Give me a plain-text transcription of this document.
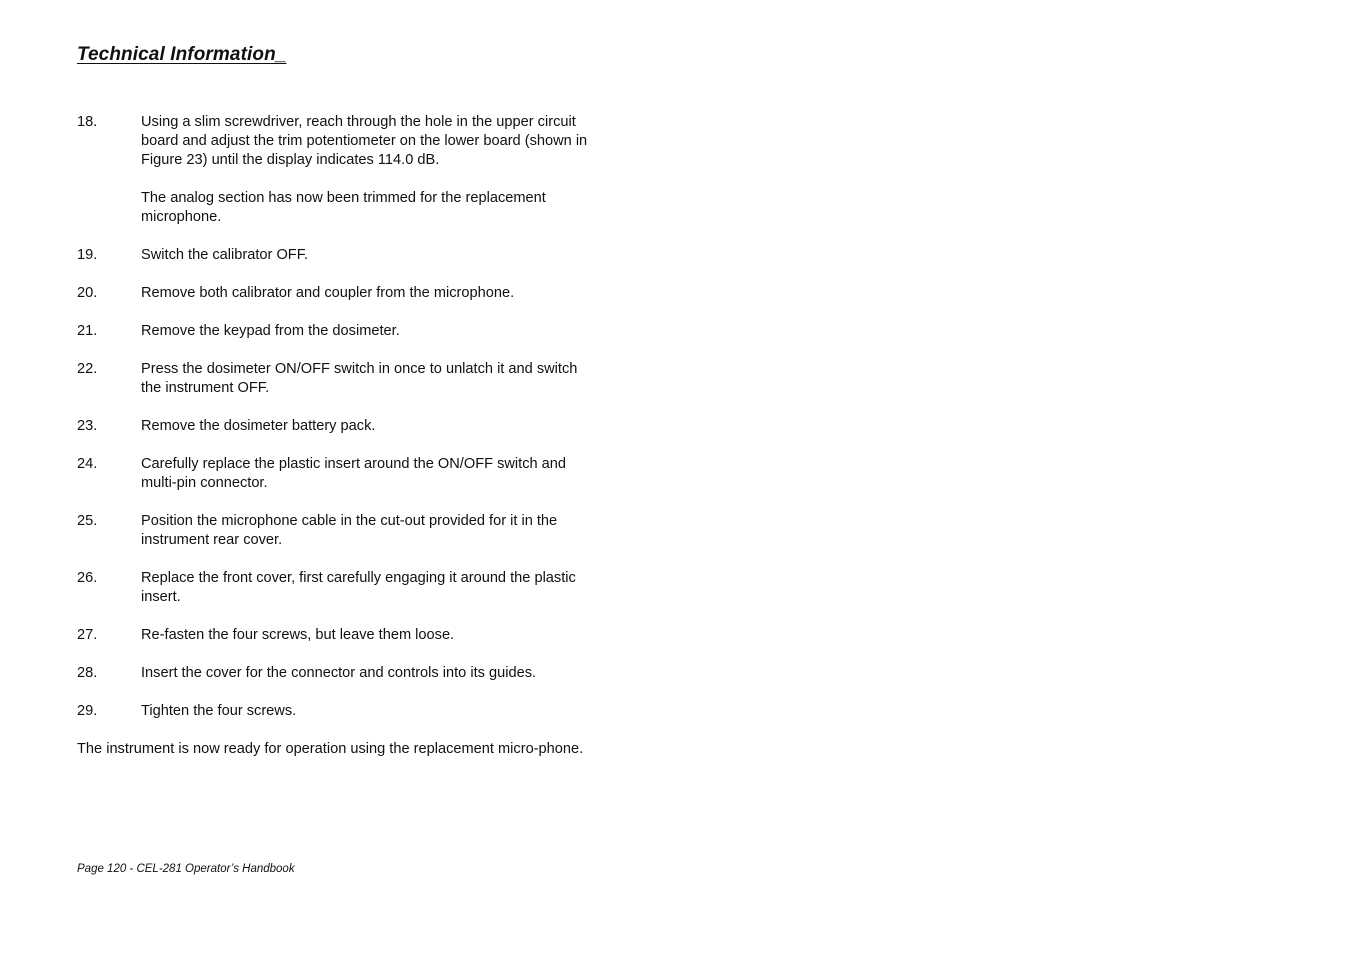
Technical Information_
18.	Using a slim screwdriver, reach through the hole in the upper circuit board and adjust the trim potentiometer on the lower board (shown in Figure 23) until the display indicates 114.0 dB.
The analog section has now been trimmed for the replacement microphone.
19.	Switch the calibrator OFF.
20.	Remove both calibrator and coupler from the microphone.
21.	Remove the keypad from the dosimeter.
22.	Press the dosimeter ON/OFF switch in once to unlatch it and switch the instrument OFF.
23.	Remove the dosimeter battery pack.
24.	Carefully replace the plastic insert around the ON/OFF switch and multi-pin connector.
25.	Position the microphone cable in the cut-out provided for it in the instrument rear cover.
26.	Replace the front cover, first carefully engaging it around the plastic insert.
27.	Re-fasten the four screws, but leave them loose.
28.	Insert the cover for the connector and controls into its guides.
29.	Tighten the four screws.

The instrument is now ready for operation using the replacement micro-phone.

Page 120 - CEL-281 Operator’s Handbook
